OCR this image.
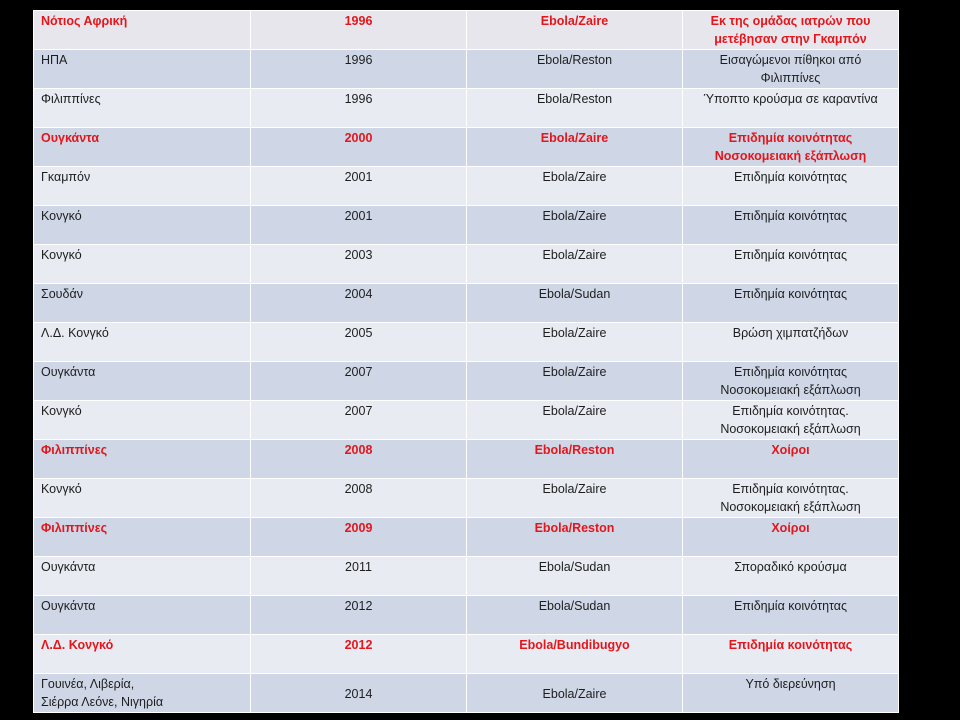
Νότιος Αφρική	1996	Ebola/Zaire	Εκ της ομάδας ιατρών που
μετέβησαν στην Γκαμπόν
ΗΠΑ	1996	Ebola/Reston	Εισαγώμενοι πίθηκοι από
Φιλιππίνες
Φιλιππίνες	1996	Ebola/Reston	Ύποπτο κρούσμα σε καραντίνα
Ουγκάντα	2000	Ebola/Zaire	Επιδημία κοινότητας
Νοσοκομειακή εξάπλωση
Γκαμπόν	2001	Ebola/Zaire	Επιδημία κοινότητας
Κονγκό	2001	Ebola/Zaire	Επιδημία κοινότητας
Κονγκό	2003	Ebola/Zaire	Επιδημία κοινότητας
Σουδάν	2004	Ebola/Sudan	Επιδημία κοινότητας
Λ.Δ. Κονγκό	2005	Ebola/Zaire	Βρώση χιμπατζήδων
Ουγκάντα	2007	Ebola/Zaire	Επιδημία κοινότητας
Νοσοκομειακή εξάπλωση
Κονγκό	2007	Ebola/Zaire	Επιδημία κοινότητας.
Νοσοκομειακή εξάπλωση
Φιλιππίνες	2008	Ebola/Reston	Χοίροι
Κονγκό	2008	Ebola/Zaire	Επιδημία κοινότητας.
Νοσοκομειακή εξάπλωση
Φιλιππίνες	2009	Ebola/Reston	Χοίροι
Ουγκάντα	2011	Ebola/Sudan	Σποραδικό κρούσμα
Ουγκάντα	2012	Ebola/Sudan	Επιδημία κοινότητας
Λ.Δ. Κονγκό	2012	Ebola/Bundibugyo	Επιδημία κοινότητας
Γουινέα, Λιβερία,
Σιέρρα Λεόνε, Νιγηρία	2014	Ebola/Zaire	Υπό διερεύνηση
